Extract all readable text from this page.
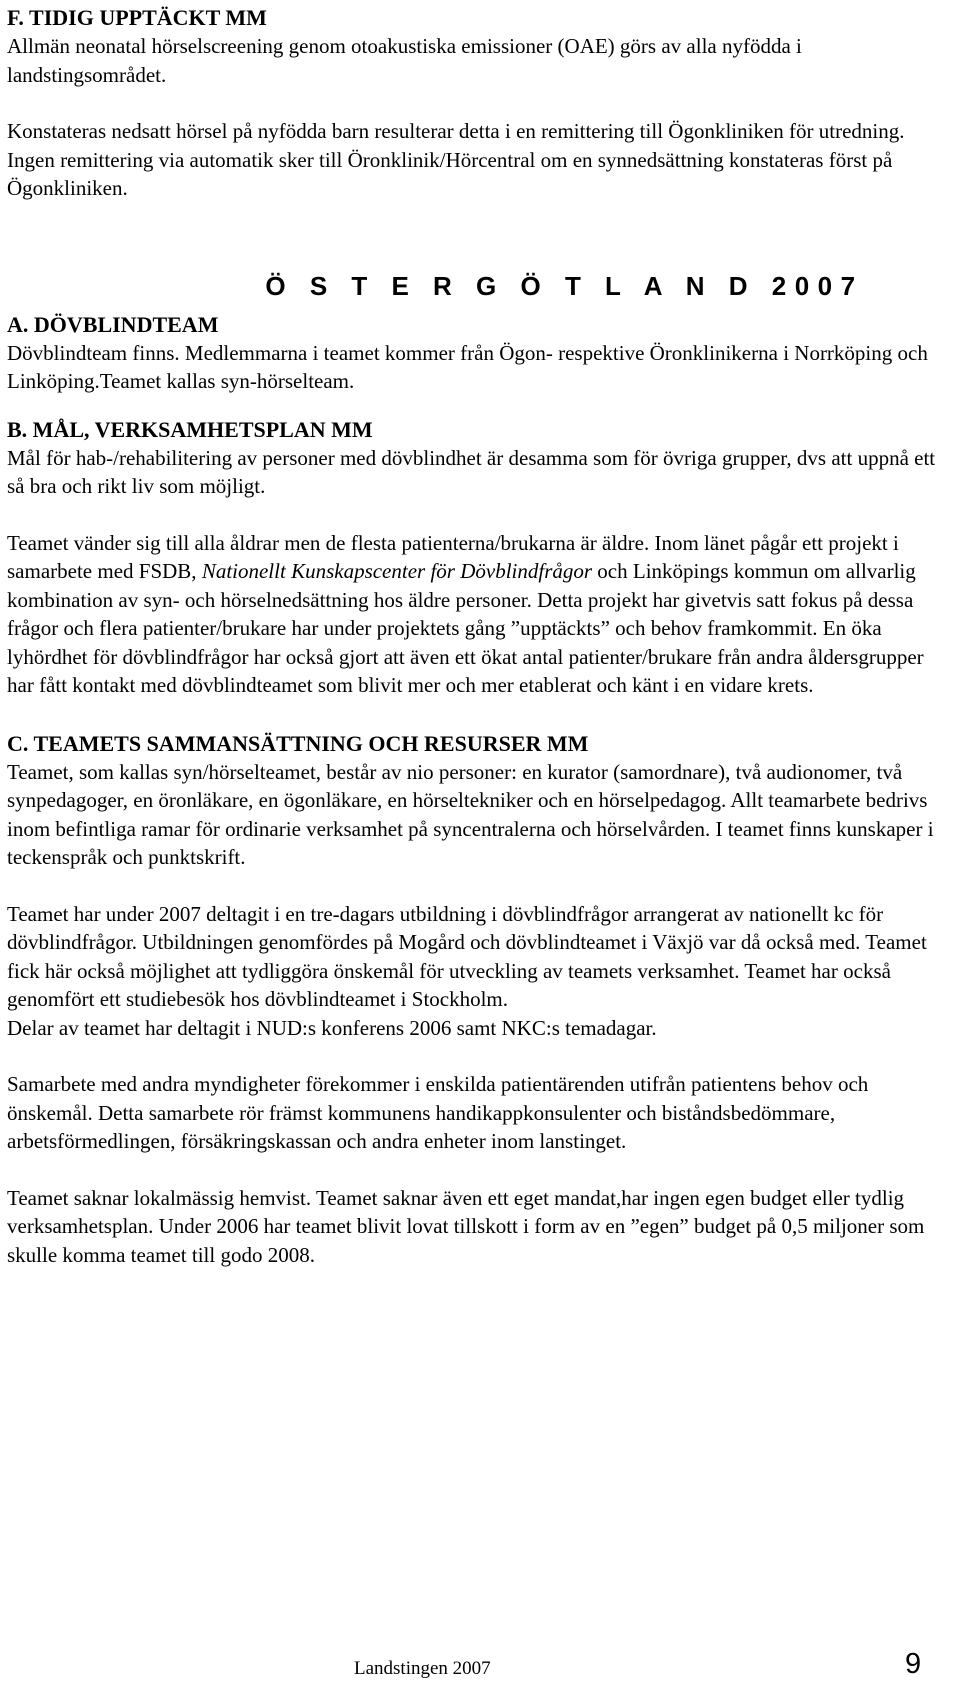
F. TIDIG UPPTÄCKT MM

Allmän neonatal hörselscreening genom otoakustiska emissioner (OAE) görs av alla nyfödda i landstingsområdet.

Konstateras nedsatt hörsel på nyfödda barn resulterar detta i en remittering till Ögonkliniken för utredning. Ingen remittering via automatik sker till Öronklinik/Hörcentral om en synnedsättning konstateras först på Ögonkliniken.

Ö S T E R G Ö T L A N D 2007

A. DÖVBLINDTEAM

Dövblindteam finns. Medlemmarna i teamet kommer från Ögon- respektive Öronklinikerna i Norrköping och Linköping.Teamet kallas syn-hörselteam.

B. MÅL, VERKSAMHETSPLAN MM

Mål för hab-/rehabilitering av personer med dövblindhet är desamma som för övriga grupper, dvs att uppnå ett så bra och rikt liv som möjligt.

Teamet vänder sig till alla åldrar men de flesta patienterna/brukarna är äldre. Inom länet pågår ett projekt i samarbete med FSDB, Nationellt Kunskapscenter för Dövblindfrågor och Linköpings kommun om allvarlig kombination av syn- och hörselnedsättning hos äldre personer. Detta projekt har givetvis satt fokus på dessa frågor och flera patienter/brukare har under projektets gång ”upptäckts” och behov framkommit. En öka lyhördhet för dövblindfrågor har också gjort att även ett ökat antal patienter/brukare från andra åldersgrupper har fått kontakt med dövblindteamet som blivit mer och mer etablerat och känt i en vidare krets.

C. TEAMETS SAMMANSÄTTNING OCH RESURSER MM

Teamet, som kallas syn/hörselteamet, består av nio personer: en kurator (samordnare), två audionomer, två synpedagoger, en öronläkare, en ögonläkare, en hörseltekniker och en hörselpedagog. Allt teamarbete bedrivs inom befintliga ramar för ordinarie verksamhet på syncentralerna och hörselvården. I teamet finns kunskaper i teckenspråk och punktskrift.

Teamet har under 2007 deltagit i en tre-dagars utbildning i dövblindfrågor arrangerat av nationellt kc för dövblindfrågor. Utbildningen genomfördes på Mogård och dövblindteamet i Växjö var då också med. Teamet fick här också möjlighet att tydliggöra önskemål för utveckling av teamets verksamhet. Teamet har också genomfört ett studiebesök hos dövblindteamet i Stockholm.

Delar av teamet har deltagit i NUD:s konferens 2006 samt NKC:s temadagar.

Samarbete med andra myndigheter förekommer i enskilda patientärenden utifrån patientens behov och önskemål. Detta samarbete rör främst kommunens handikappkonsulenter och biståndsbedömmare, arbetsförmedlingen, försäkringskassan och andra enheter inom lanstinget.

Teamet saknar lokalmässig hemvist. Teamet saknar även ett eget mandat,har ingen egen budget eller tydlig verksamhetsplan. Under 2006 har teamet blivit lovat tillskott i form av en ”egen” budget på 0,5 miljoner som skulle komma teamet till godo 2008.

Landstingen 2007	9
